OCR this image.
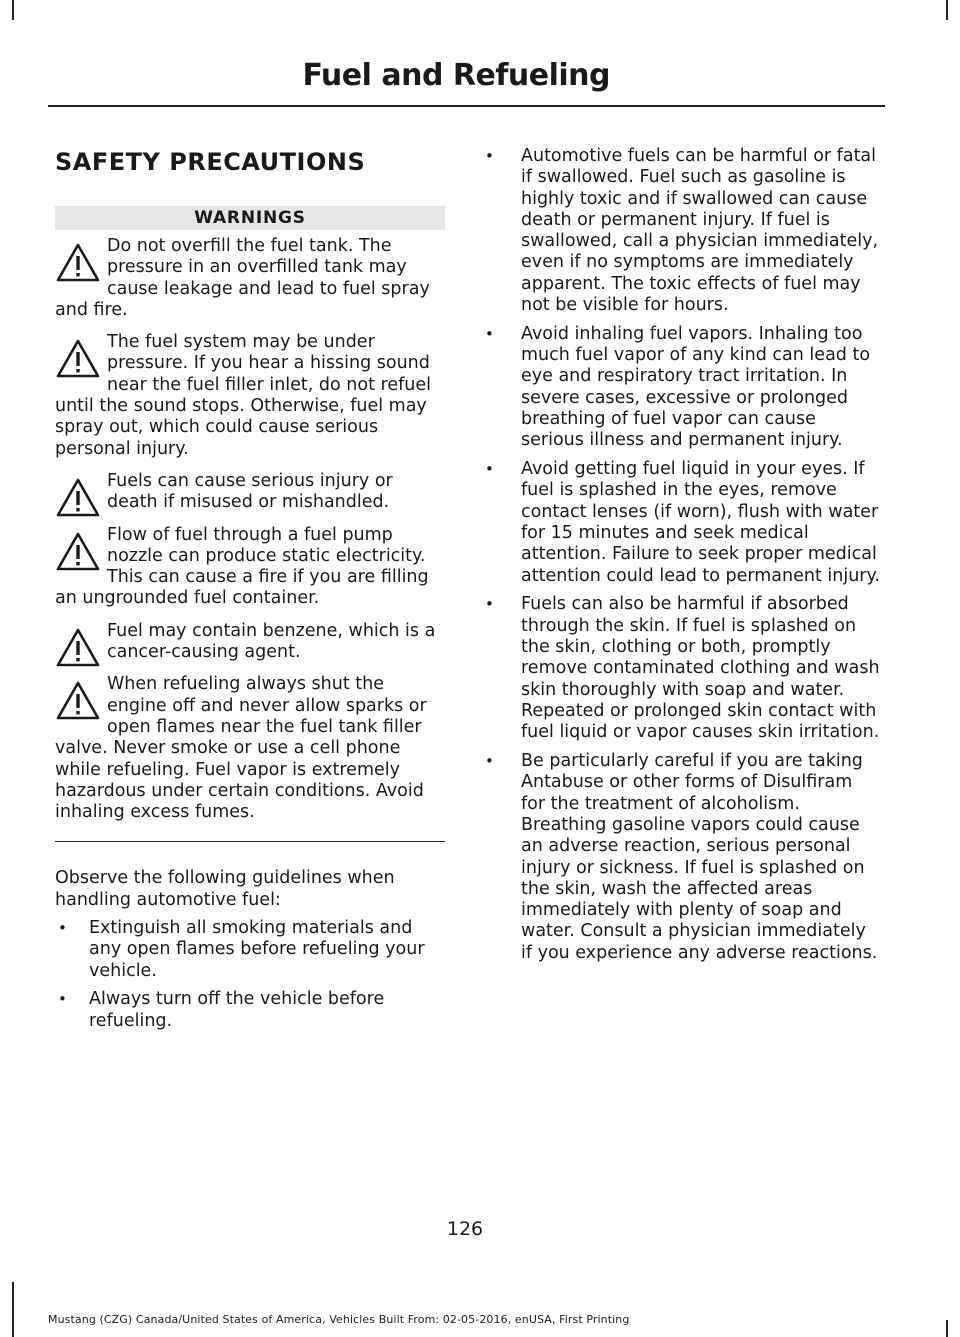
Fuel and Refueling
SAFETY PRECAUTIONS
WARNINGS
Do not overfill the fuel tank. The pressure in an overfilled tank may cause leakage and lead to fuel spray and fire.
The fuel system may be under pressure. If you hear a hissing sound near the fuel filler inlet, do not refuel until the sound stops. Otherwise, fuel may spray out, which could cause serious personal injury.
Fuels can cause serious injury or death if misused or mishandled.
Flow of fuel through a fuel pump nozzle can produce static electricity. This can cause a fire if you are filling an ungrounded fuel container.
Fuel may contain benzene, which is a cancer-causing agent.
When refueling always shut the engine off and never allow sparks or open flames near the fuel tank filler valve. Never smoke or use a cell phone while refueling. Fuel vapor is extremely hazardous under certain conditions. Avoid inhaling excess fumes.

Observe the following guidelines when handling automotive fuel:

• Extinguish all smoking materials and any open flames before refueling your vehicle.
• Always turn off the vehicle before refueling.
• Automotive fuels can be harmful or fatal if swallowed. Fuel such as gasoline is highly toxic and if swallowed can cause death or permanent injury. If fuel is swallowed, call a physician immediately, even if no symptoms are immediately apparent. The toxic effects of fuel may not be visible for hours.
• Avoid inhaling fuel vapors. Inhaling too much fuel vapor of any kind can lead to eye and respiratory tract irritation. In severe cases, excessive or prolonged breathing of fuel vapor can cause serious illness and permanent injury.
• Avoid getting fuel liquid in your eyes. If fuel is splashed in the eyes, remove contact lenses (if worn), flush with water for 15 minutes and seek medical attention. Failure to seek proper medical attention could lead to permanent injury.
• Fuels can also be harmful if absorbed through the skin. If fuel is splashed on the skin, clothing or both, promptly remove contaminated clothing and wash skin thoroughly with soap and water. Repeated or prolonged skin contact with fuel liquid or vapor causes skin irritation.
• Be particularly careful if you are taking Antabuse or other forms of Disulfiram for the treatment of alcoholism. Breathing gasoline vapors could cause an adverse reaction, serious personal injury or sickness. If fuel is splashed on the skin, wash the affected areas immediately with plenty of soap and water. Consult a physician immediately if you experience any adverse reactions.
126
Mustang (CZG) Canada/United States of America, Vehicles Built From: 02-05-2016, enUSA, First Printing
